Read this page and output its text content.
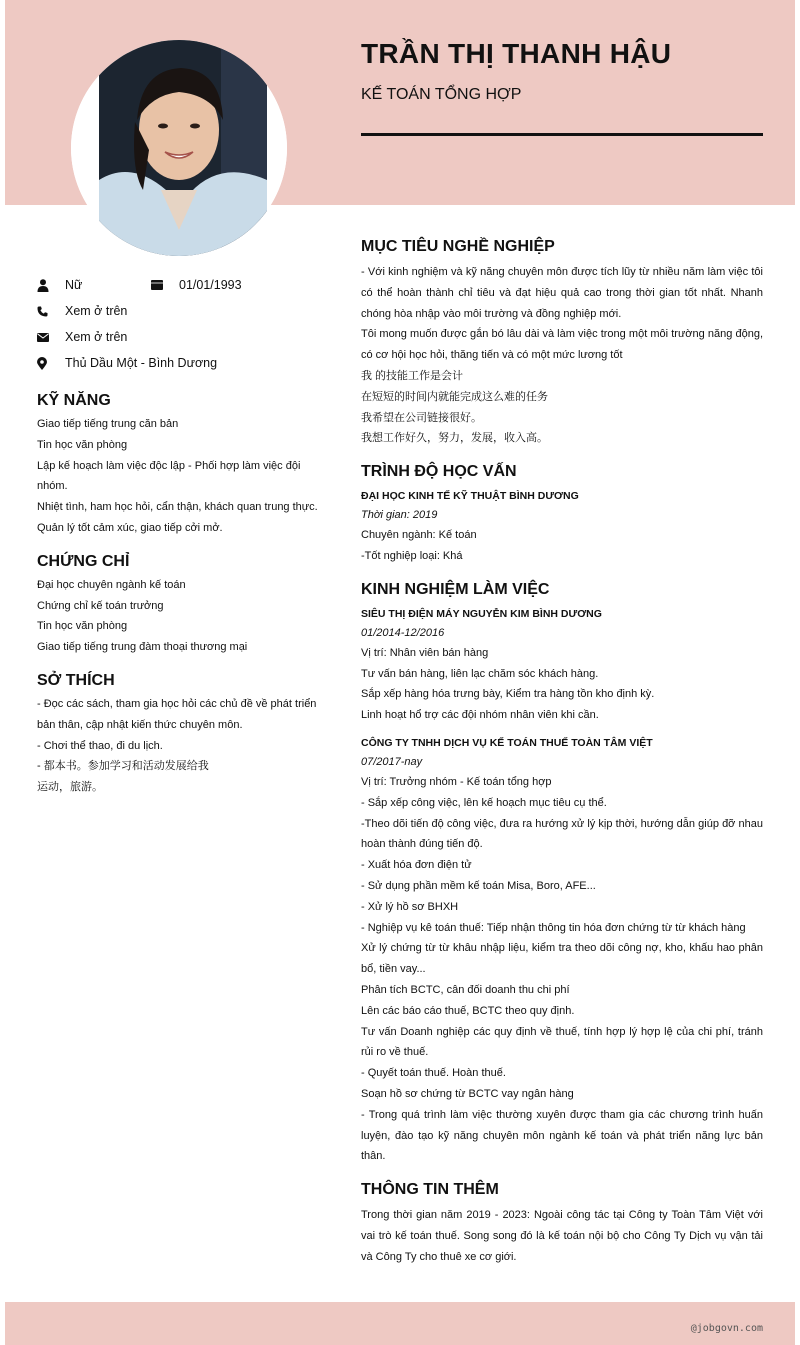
TRẦN THỊ THANH HẬU
KẾ TOÁN TỔNG HỢP
Nữ	01/01/1993
Xem ở trên
Xem ở trên
Thủ Dầu Một - Bình Dương
KỸ NĂNG
Giao tiếp tiếng trung căn bản
Tin học văn phòng
Lập kế hoạch làm việc độc lập - Phối hợp làm việc đội nhóm.
Nhiệt tình, ham học hỏi, cẩn thận, khách quan trung thực.
Quản lý tốt cảm xúc, giao tiếp cởi mở.
CHỨNG CHỈ
Đại học chuyên ngành kế toán
Chứng chỉ kế toán trưởng
Tin học văn phòng
Giao tiếp tiếng trung đàm thoại thương mại
SỞ THÍCH
- Đọc các sách, tham gia học hỏi các chủ đề về phát triển bản thân, cập nhật kiến thức chuyên môn.
- Chơi thể thao, đi du lịch.
- 都本书。参加学习和活动发展给我
运动，旅游。
MỤC TIÊU NGHỀ NGHIỆP
- Với kinh nghiệm và kỹ năng chuyên môn được tích lũy từ nhiều năm làm việc tôi có thể hoàn thành chỉ tiêu và đạt hiệu quả cao trong thời gian tốt nhất. Nhanh chóng hòa nhập vào môi trường và đồng nghiệp mới.
Tôi mong muốn được gắn bó lâu dài và làm việc trong một môi trường năng động, có cơ hội học hỏi, thăng tiến và có một mức lương tốt
我 的技能工作是会计
在短短的时间内就能完成这么难的任务
我希望在公司链接很好。
我想工作好久，努力，发展，收入高。
TRÌNH ĐỘ HỌC VẤN
ĐẠI HỌC KINH TẾ KỸ THUẬT BÌNH DƯƠNG
Thời gian: 2019
Chuyên ngành: Kế toán
-Tốt nghiệp loại: Khá
KINH NGHIỆM LÀM VIỆC
SIÊU THỊ ĐIỆN MÁY NGUYỄN KIM BÌNH DƯƠNG
01/2014-12/2016
Vị trí: Nhân viên bán hàng
Tư vấn bán hàng, liên lạc chăm sóc khách hàng.
Sắp xếp hàng hóa trưng bày, Kiểm tra hàng tồn kho định kỳ.
Linh hoạt hổ trợ các đội nhóm nhân viên khi cần.
CÔNG TY TNHH DỊCH VỤ KẾ TOÁN THUẾ TOÀN TÂM VIỆT
07/2017-nay
Vị trí: Trưởng nhóm - Kế toán tổng hợp
- Sắp xếp công việc, lên kế hoạch mục tiêu cụ thể.
-Theo dõi tiến độ công việc, đưa ra hướng xử lý kịp thời, hướng dẫn giúp đỡ nhau hoàn thành đúng tiến độ.
- Xuất hóa đơn điện tử
- Sử dụng phần mềm kế toán Misa, Boro, AFE...
- Xử lý hồ sơ BHXH
- Nghiệp vụ kê toán thuế: Tiếp nhận thông tin hóa đơn chứng từ từ khách hàng
Xử lý chứng từ từ khâu nhập liệu, kiểm tra theo dõi công nợ, kho, khấu hao phân bổ, tiền vay...
Phân tích BCTC, cân đối doanh thu chi phí
Lên các báo cáo thuế, BCTC theo quy định.
Tư vấn Doanh nghiệp các quy định về thuế, tính hợp lý hợp lệ của chi phí, tránh rủi ro về thuế.
- Quyết toán thuế. Hoàn thuế.
Soạn hồ sơ chứng từ BCTC vay ngân hàng
- Trong quá trình làm việc thường xuyên được tham gia các chương trình huấn luyện, đào tạo kỹ năng chuyên môn ngành kế toán và phát triển năng lực bản thân.
THÔNG TIN THÊM
Trong thời gian năm 2019 - 2023: Ngoài công tác tại Công ty Toàn Tâm Việt với vai trò kế toán thuế. Song song đó là kế toán nội bộ cho Công Ty Dịch vụ vận tải và Công Ty cho thuê xe cơ giới.
@jobgovn.com
